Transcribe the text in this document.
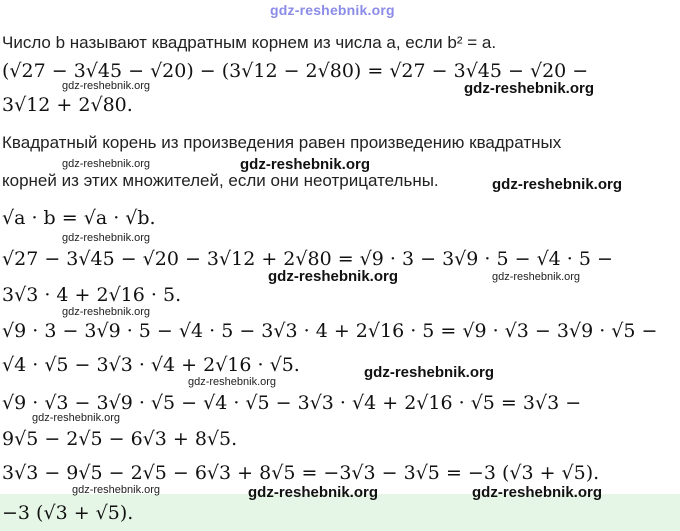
gdz-reshebnik.org
Число b называют квадратным корнем из числа a, если b² = a.
(√27 − 3√45 − √20) − (3√12 − 2√80) = √27 − 3√45 − √20 −
3√12 + 2√80.
Квадратный корень из произведения равен произведению квадратных
корней из этих множителей, если они неотрицательны.
√a · b = √a · √b.
√27 − 3√45 − √20 − 3√12 + 2√80 = √9 · 3 − 3√9 · 5 − √4 · 5 −
3√3 · 4 + 2√16 · 5.
√9 · 3 − 3√9 · 5 − √4 · 5 − 3√3 · 4 + 2√16 · 5 = √9 · √3 − 3√9 · √5 −
√4 · √5 − 3√3 · √4 + 2√16 · √5.
√9 · √3 − 3√9 · √5 − √4 · √5 − 3√3 · √4 + 2√16 · √5 = 3√3 −
9√5 − 2√5 − 6√3 + 8√5.
3√3 − 9√5 − 2√5 − 6√3 + 8√5 = −3√3 − 3√5 = −3 (√3 + √5).
−3 (√3 + √5).
gdz-reshebnik.org	gdz-reshebnik.org
gdz-reshebnik.org	gdz-reshebnik.org
gdz-reshebnik.org
gdz-reshebnik.org
gdz-reshebnik.org	gdz-reshebnik.org
gdz-reshebnik.org
gdz-reshebnik.org
gdz-reshebnik.org
gdz-reshebnik.org
gdz-reshebnik.org	gdz-reshebnik.org	gdz-reshebnik.org
